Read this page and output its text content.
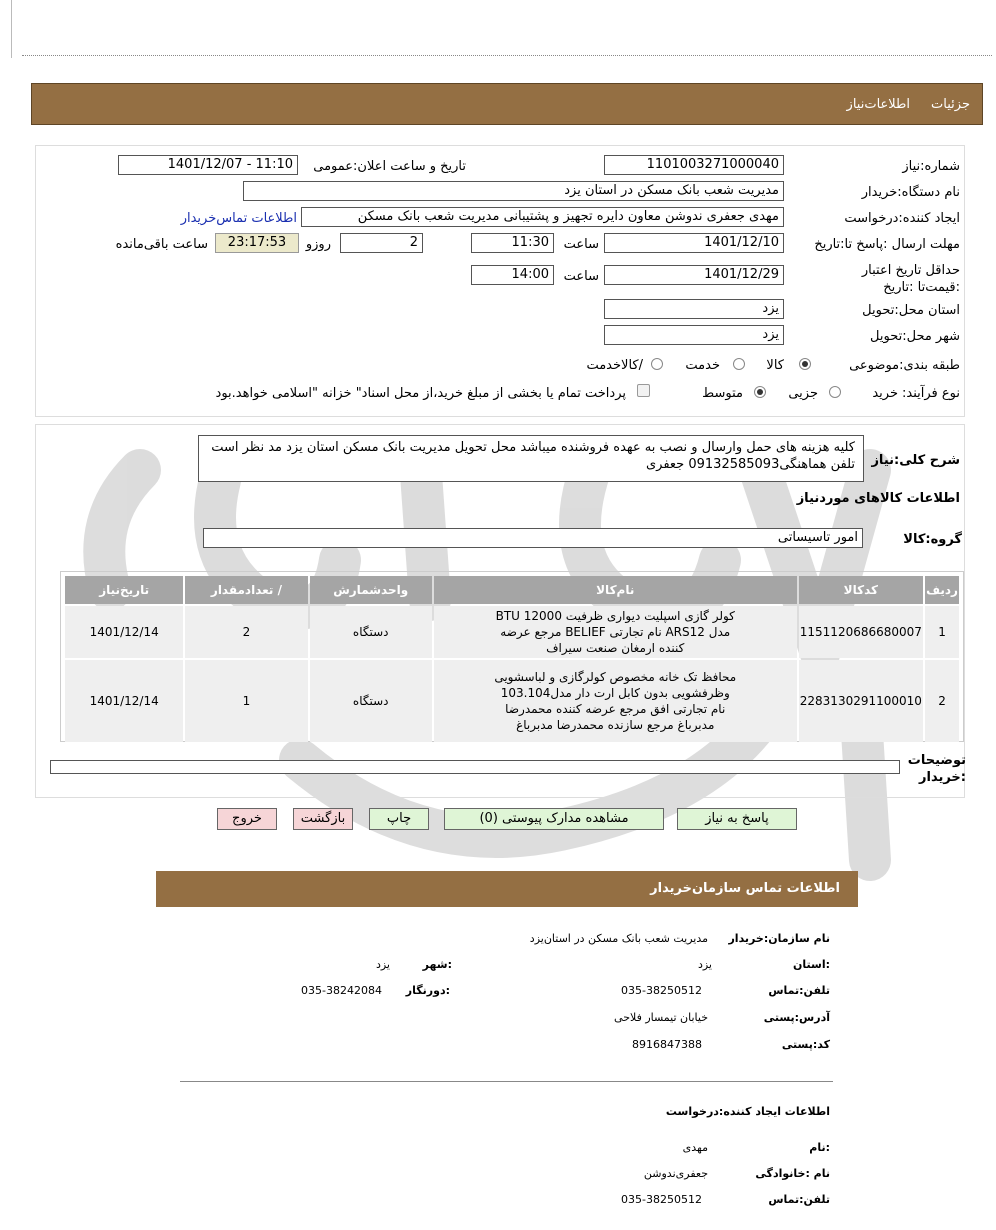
جزئیات
اطلاعات‌نیاز
شماره:نیاز
1101003271000040
تاریخ و ساعت اعلان:عمومی
1401/12/07 - 11:10
نام دستگاه:خریدار
مدیریت شعب بانک مسکن در استان یزد
ایجاد کننده:درخواست
مهدی جعفری ندوشن معاون دایره تجهیز و پشتیبانی مدیریت شعب بانک مسکن
اطلاعات تماس‌خریدار
مهلت ارسال :پاسخ تا:تاریخ
1401/12/10
ساعت
11:30
2
روزو
23:17:53
ساعت باقی‌مانده
حداقل تاریخ اعتبار :قیمت‌تا :تاریخ
1401/12/29
ساعت
14:00
استان محل:تحویل
یزد
شهر محل:تحویل
یزد
طبقه بندی:موضوعی
کالا
خدمت
/کالاخدمت
نوع فرآیند:
خرید
جزیی
متوسط
پرداخت تمام یا بخشی از مبلغ خرید،از محل اسناد" خزانه "اسلامی خواهد.بود
شرح کلی:نیاز
کلیه هزینه های حمل وارسال و نصب به عهده فروشنده میباشد محل تحویل مدیریت بانک مسکن استان یزد مد نظر است تلفن هماهنگی09132585093 جعفری
اطلاعات کالاهای موردنیاز
گروه:کالا
امور تاسیساتی
ردیف	کدکالا	نام‌کالا	واحدشمارش	/ تعدادمقدار	تاریخ‌نیاز
1	1151120686680007	کولر گازی اسپلیت دیواری ظرفیت 12000 BTU مدل ARS12 نام تجارتی BELIEF مرجع عرضه کننده ارمغان صنعت سیراف	دستگاه	2	1401/12/14
2	2283130291100010	محافظ تک خانه مخصوص کولرگازی و لباسشویی وظرفشویی بدون کابل ارت دار مدل103.104 نام تجارتی افق مرجع عرضه کننده محمدرضا مدبرباغ مرجع سازنده محمدرضا مدبرباغ	دستگاه	1	1401/12/14
توضیحات :خریدار
پاسخ به نیاز
مشاهده مدارک پیوستی (0)
چاپ
بازگشت
خروج
اطلاعات تماس سازمان‌خریدار
نام سازمان:خریدار
مدیریت شعب بانک مسکن در استان‌یزد
:استان
یزد
:شهر
یزد
تلفن:تماس
035-38250512
:دورنگار
035-38242084
آدرس:پستی
خیابان تیمسار فلاحی
کد:پستی
8916847388
اطلاعات ایجاد کننده:درخواست
:نام
مهدی
نام :خانوادگی
جعفری‌ندوشن
تلفن:تماس
035-38250512
